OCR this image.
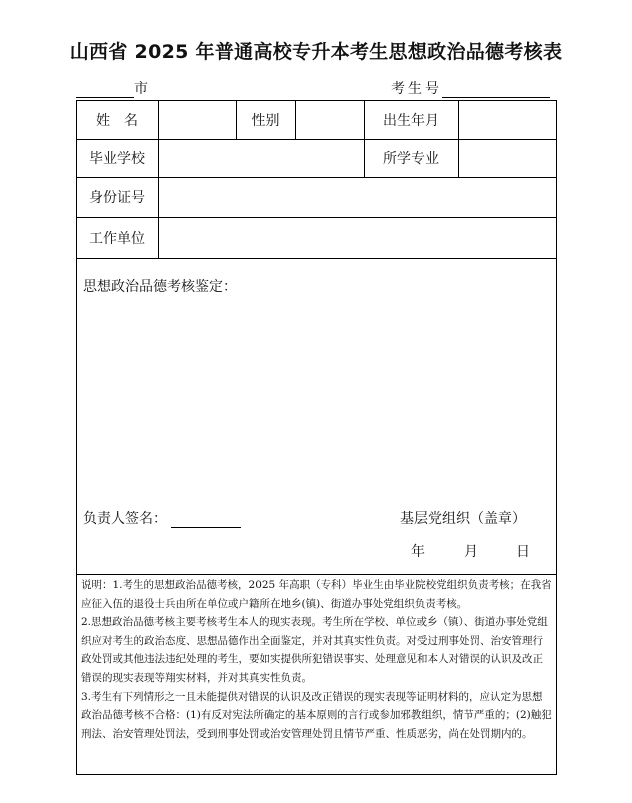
山西省 2025 年普通高校专升本考生思想政治品德考核表
市	考生号
姓　名	性别	出生年月
毕业学校	所学专业
身份证号
工作单位
思想政治品德考核鉴定：
负责人签名：	基层党组织（盖章）
年	月	日

说明：1.考生的思想政治品德考核，2025 年高职（专科）毕业生由毕业院校党组织负责考核；在我省应征入伍的退役士兵由所在单位或户籍所在地乡(镇)、街道办事处党组织负责考核。

2.思想政治品德考核主要考核考生本人的现实表现。考生所在学校、单位或乡（镇）、街道办事处党组织应对考生的政治态度、思想品德作出全面鉴定，并对其真实性负责。对受过刑事处罚、治安管理行政处罚或其他违法违纪处理的考生，要如实提供所犯错误事实、处理意见和本人对错误的认识及改正错误的现实表现等翔实材料，并对其真实性负责。

3.考生有下列情形之一且未能提供对错误的认识及改正错误的现实表现等证明材料的，应认定为思想政治品德考核不合格：(1)有反对宪法所确定的基本原则的言行或参加邪教组织，情节严重的；(2)触犯刑法、治安管理处罚法，受到刑事处罚或治安管理处罚且情节严重、性质恶劣，尚在处罚期内的。
